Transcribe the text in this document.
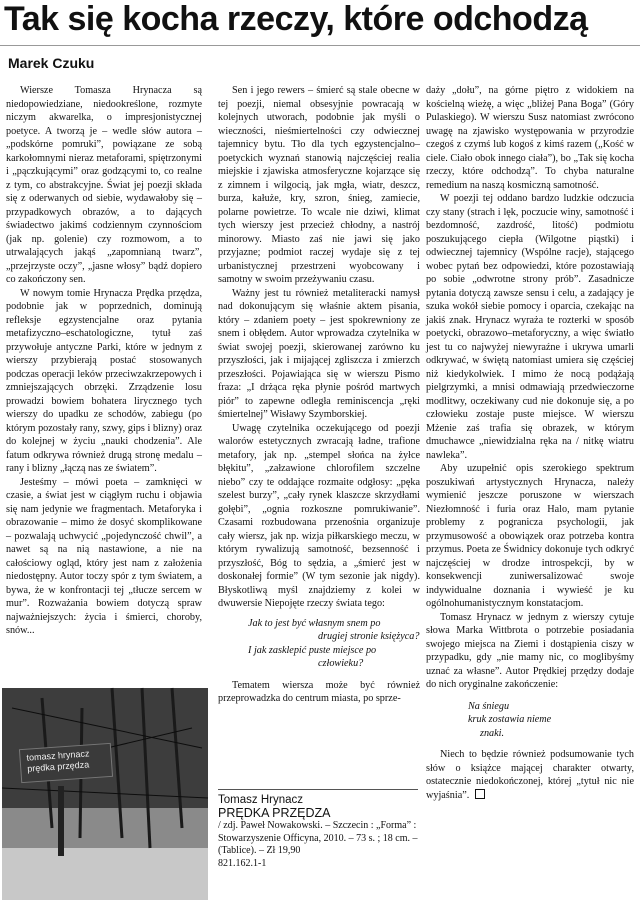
Tak się kocha rzeczy, które odchodzą
Marek Czuku

Wiersze Tomasza Hrynacza są niedopowiedziane, niedookreślone, rozmyte niczym akwarelka, o impresjonistycznej poetyce. A tworzą je – wedle słów autora – „podskórne pomruki”, powiązane ze sobą karkołomnymi nieraz metaforami, spiętrzonymi i „pączkującymi” oraz godzącymi to, co realne z tym, co abstrakcyjne. Świat jej poezji składa się z oderwanych od siebie, wydawałoby się – przypadkowych obrazów, a to dających świadectwo jakimś codziennym czynnościom (jak np. golenie) czy rozmowom, a to utrwalających jakąś „zapomnianą twarz”, „przejrzyste oczy”, „jasne włosy” bądź dopiero co zakończony sen.

W nowym tomie Hrynacza Prędka przędza, podobnie jak w poprzednich, dominują refleksje egzystencjalne oraz pytania metafizyczno–eschatologiczne, tytuł zaś przywołuje antyczne Parki, które w jednym z wierszy przybierają postać stosowanych podczas operacji leków przeciwzakrzepowych i zmniejszających obrzęki. Zrządzenie losu prowadzi bowiem bohatera lirycznego tych wierszy do upadku ze schodów, zabiegu (po którym pozostały rany, szwy, gips i blizny) oraz do kolejnej w życiu „nauki chodzenia”. Ale fatum odkrywa również drugą stronę medalu – rany i blizny „łączą nas ze światem”.

Jesteśmy – mówi poeta – zamknięci w czasie, a świat jest w ciągłym ruchu i objawia się nam jedynie we fragmentach. Metaforyka i obrazowanie – mimo że dosyć skomplikowane – pozwalają uchwycić „pojedynczość chwil”, a nawet są na nią nastawione, a nie na całościowy ogląd, który jest nam z założenia niedostępny. Autor toczy spór z tym światem, a bywa, że w konfrontacji tej „tłucze sercem w mur”. Rozważania bowiem dotyczą spraw najważniejszych: życia i śmierci, choroby, snów...

tomasz hrynacz
prędka przędza

Sen i jego rewers – śmierć są stale obecne w tej poezji, niemal obsesyjnie powracają w kolejnych utworach, podobnie jak myśli o wieczności, nieśmiertelności czy odwiecznej tajemnicy bytu. Tło dla tych egzystencjalno–poetyckich wyznań stanowią najczęściej realia miejskie i zjawiska atmosferyczne kojarzące się z zimnem i wilgocią, jak mgła, wiatr, deszcz, burza, kałuże, kry, szron, śnieg, zamiecie, polarne powietrze. To wcale nie dziwi, klimat tych wierszy jest przecież chłodny, a nastrój minorowy. Miasto zaś nie jawi się jako przyjazne; podmiot raczej wydaje się z tej urbanistycznej przestrzeni wyobcowany i samotny w swoim przeżywaniu czasu.

Ważny jest tu również metaliteracki namysł nad dokonującym się właśnie aktem pisania, który – zdaniem poety – jest spokrewniony ze snem i obłędem. Autor wprowadza czytelnika w świat swojej poezji, skierowanej zarówno ku przyszłości, jak i mijającej zgliszcza i zmierzch przeszłości. Pojawiająca się w wierszu Pismo fraza: „I drżąca ręka płynie pośród martwych piór” to zapewne odległa reminiscencja „ręki śmiertelnej” Wisławy Szymborskiej.

Uwagę czytelnika oczekującego od poezji walorów estetycznych zwracają ładne, trafione metafory, jak np. „stempel słońca na żyłce błękitu”, „załzawione chlorofilem szczelne niebo” czy te oddające rozmaite odgłosy: „pęka szelest burzy”, „cały rynek klaszcze skrzydłami gołębi”, „ognia rozkoszne pomrukiwanie”. Czasami rozbudowana przenośnia organizuje cały wiersz, jak np. wizja piłkarskiego meczu, w którym rywalizują samotność, bezsenność i przyszłość, Bóg to sędzia, a „śmierć jest w doskonałej formie” (W tym sezonie jak nigdy). Błyskotliwą myśl znajdziemy z kolei w dwuwersie Niepojęte rzeczy świata tego:

Jak to jest być własnym snem po
drugiej stronie księżyca?
I jak zasklepić puste miejsce po
człowieku?

Tematem wiersza może być również przeprowadzka do centrum miasta, po sprze-

Tomasz Hrynacz
PRĘDKA PRZĘDZA
/ zdj. Paweł Nowakowski. – Szczecin : „Forma” : Stowarzyszenie Officyna, 2010. – 73 s. ; 18 cm. – (Tablice). – Zł 19,90
821.162.1-1

daży „dołu”, na górne piętro z widokiem na kościelną wieżę, a więc „bliżej Pana Boga” (Góry Pulaskiego). W wierszu Susz natomiast zwrócono uwagę na zjawisko występowania w przyrodzie czegoś z czymś lub kogoś z kimś razem („Kość w ciele. Ciało obok innego ciała”), bo „Tak się kocha rzeczy, które odchodzą”. To chyba naturalne remedium na naszą kosmiczną samotność.

W poezji tej oddano bardzo ludzkie odczucia czy stany (strach i lęk, poczucie winy, samotność i bezdomność, zazdrość, litość) podmiotu poszukującego ciepła (Wilgotne piąstki) i odwiecznej tajemnicy (Wspólne racje), stającego wobec pytań bez odpowiedzi, które pozostawiają po sobie „odwrotne strony prób”. Zasadnicze pytania dotyczą zawsze sensu i celu, a zadający je szuka wokół siebie pomocy i oparcia, czekając na jakiś znak. Hrynacz wyraża te rozterki w sposób poetycki, obrazowo–metaforyczny, a więc światło jest tu co najwyżej niewyraźne i ukrywa umarli odkrywać, w świętą natomiast umiera się częściej niż kiedykolwiek. I mimo że nocą podążają pielgrzymki, a mnisi odmawiają przedwieczorne modlitwy, oczekiwany cud nie dokonuje się, a po człowieku zostaje puste miejsce. W wierszu Mżenie zaś trafia się obrazek, w którym dmuchawce „niewidzialna ręka na / nitkę wiatru nawleka”.

Aby uzupełnić opis szerokiego spektrum poszukiwań artystycznych Hrynacza, należy wymienić jeszcze poruszone w wierszach Niezłomność i furia oraz Halo, mam pytanie problemy z pogranicza psychologii, jak przymusowość a obowiązek oraz potrzeba kontra przymus. Poeta ze Świdnicy dokonuje tych odkryć najczęściej w drodze introspekcji, by w konsekwencji zuniwersalizować swoje indywidualne doznania i wywieść je ku ogólnohumanistycznym konstatacjom.

Tomasz Hrynacz w jednym z wierszy cytuje słowa Marka Wittbrota o potrzebie posiadania swojego miejsca na Ziemi i dostąpienia ciszy w przypadku, gdy „nie mamy nic, co moglibyśmy uznać za własne”. Autor Prędkiej przędzy dodaje do nich oryginalne zakończenie:

Na śniegu
kruk zostawia nieme
znaki.

Niech to będzie również podsumowanie tych słów o książce mającej charakter otwarty, ostatecznie niedokończonej, której „tytuł nic nie wyjaśnia”.
